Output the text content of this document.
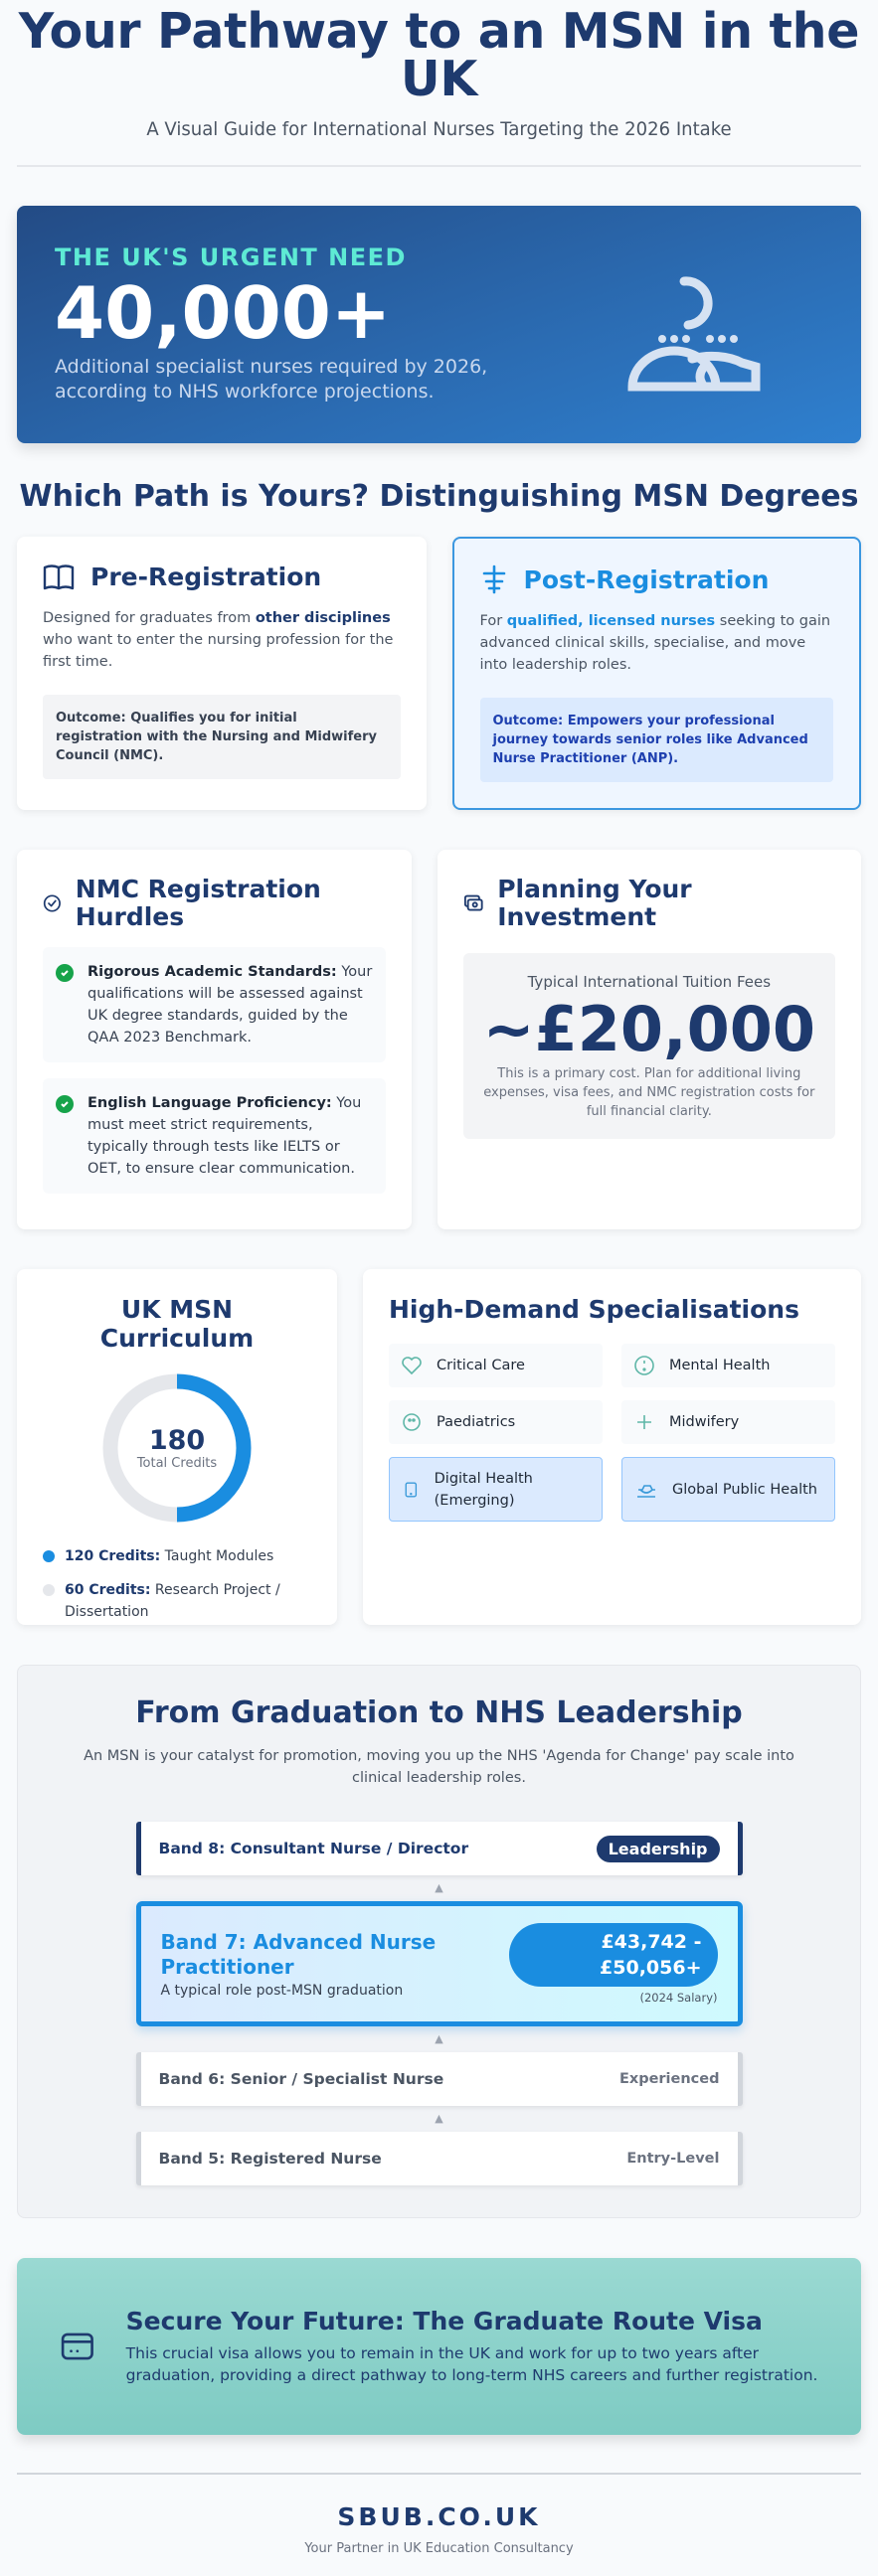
Your Pathway to an MSN in the UK

A Visual Guide for International Nurses Targeting the 2026 Intake

THE UK'S URGENT NEED
40,000+
Additional specialist nurses required by 2026, according to NHS workforce projections.
Which Path is Yours? Distinguishing MSN Degrees
Pre-Registration

Designed for graduates from other disciplines who want to enter the nursing profession for the first time.

Outcome: Qualifies you for initial registration with the Nursing and Midwifery Council (NMC).
Post-Registration

For qualified, licensed nurses seeking to gain advanced clinical skills, specialise, and move into leadership roles.

Outcome: Empowers your professional journey towards senior roles like Advanced Nurse Practitioner (ANP).
NMC Registration Hurdles
Rigorous Academic Standards: Your qualifications will be assessed against UK degree standards, guided by the QAA 2023 Benchmark.
English Language Proficiency: You must meet strict requirements, typically through tests like IELTS or OET, to ensure clear communication.
Planning Your Investment
Typical International Tuition Fees
~£20,000
This is a primary cost. Plan for additional living expenses, visa fees, and NMC registration costs for full financial clarity.
UK MSN Curriculum
180
Total Credits
120 Credits: Taught Modules
60 Credits: Research Project / Dissertation
High-Demand Specialisations
Critical Care	Mental Health
Paediatrics	Midwifery
Digital Health (Emerging)
Global Public Health
From Graduation to NHS Leadership

An MSN is your catalyst for promotion, moving you up the NHS 'Agenda for Change' pay scale into clinical leadership roles.

Band 8: Consultant Nurse / Director	Leadership
▲
Band 7: Advanced Nurse Practitioner
A typical role post-MSN graduation
£43,742 - £50,056+
(2024 Salary)
▲
Band 6: Senior / Specialist Nurse	Experienced
▲
Band 5: Registered Nurse	Entry-Level
Secure Your Future: The Graduate Route Visa

This crucial visa allows you to remain in the UK and work for up to two years after graduation, providing a direct pathway to long-term NHS careers and further registration.

SBUB.CO.UK
Your Partner in UK Education Consultancy
